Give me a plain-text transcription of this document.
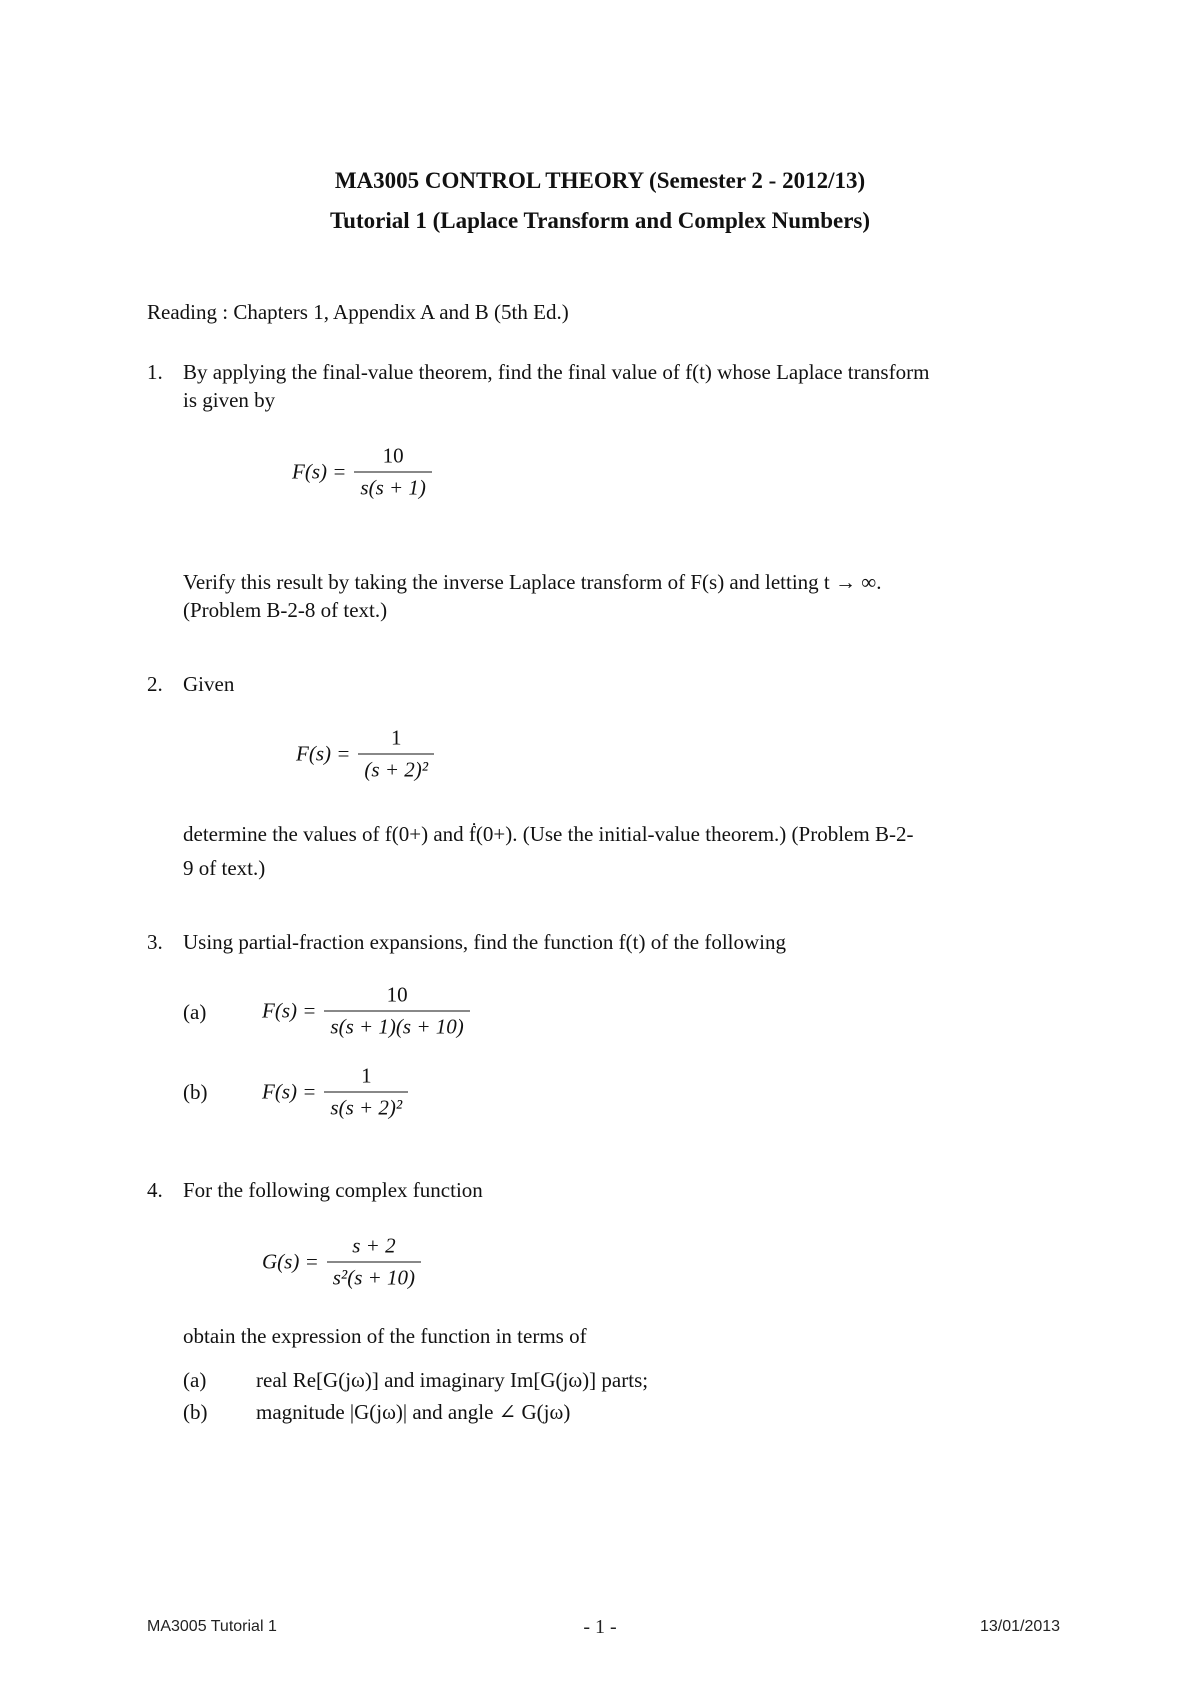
MA3005 CONTROL THEORY (Semester 2 - 2012/13)
Tutorial 1 (Laplace Transform and Complex Numbers)
Reading : Chapters 1, Appendix A and B (5th Ed.)
1. By applying the final-value theorem, find the final value of f(t) whose Laplace transform
is given by
$F(s) = \frac{10}{s(s + 1)}$
Verify this result by taking the inverse Laplace transform of F(s) and letting t → ∞.
(Problem B-2-8 of text.)
2. Given
$F(s) = \frac{1}{\text{(s + 2)²}}$
determine the values of f(0+) and ḟ(0+). (Use the initial-value theorem.) (Problem B-2-
9 of text.)
3. Using partial-fraction expansions, find the function f(t) of the following
(a)	$F(s) = \frac{10}{s(s + 1)(s + 10)}$
(b)	$F(s) = \frac{1}{\text{s(s + 2)²}}$
4. For the following complex function
$G(s) = \frac{s + 2}{\text{s²(s + 10)}}$
obtain the expression of the function in terms of
(a) real Re[G(jω)] and imaginary Im[G(jω)] parts;
(b) magnitude |G(jω)| and angle ∠ G(jω)
MA3005 Tutorial 1	- 1 -	13/01/2013
